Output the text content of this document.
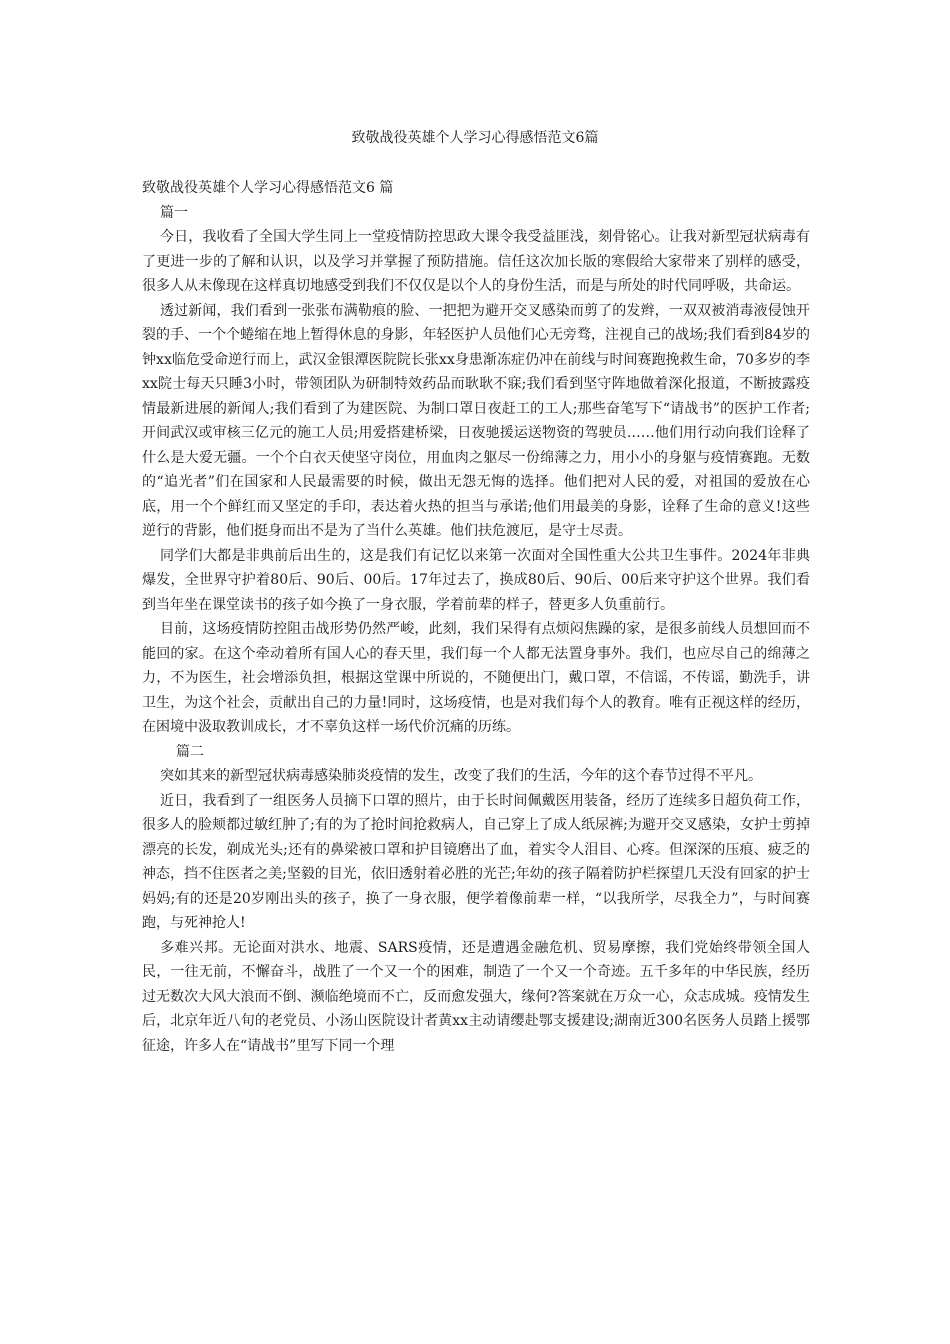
致敬战役英雄个人学习心得感悟范文6篇

致敬战役英雄个人学习心得感悟范文6 篇

篇一

今日，我收看了全国大学生同上一堂疫情防控思政大课令我受益匪浅，刻骨铭心。让我对新型冠状病毒有了更进一步的了解和认识，以及学习并掌握了预防措施。信任这次加长版的寒假给大家带来了别样的感受，很多人从未像现在这样真切地感受到我们不仅仅是以个人的身份生活，而是与所处的时代同呼吸，共命运。

透过新闻，我们看到一张张布满勒痕的脸、一把把为避开交叉感染而剪了的发辫，一双双被消毒液侵蚀开裂的手、一个个蜷缩在地上暂得休息的身影，年轻医护人员他们心无旁骛，注视自己的战场;我们看到84岁的钟xx临危受命逆行而上，武汉金银潭医院院长张xx身患渐冻症仍冲在前线与时间赛跑挽救生命，70多岁的李xx院士每天只睡3小时，带领团队为研制特效药品而耿耿不寐;我们看到坚守阵地做着深化报道，不断披露疫情最新进展的新闻人;我们看到了为建医院、为制口罩日夜赶工的工人;那些奋笔写下“请战书”的医护工作者;开间武汉或审核三亿元的施工人员;用爱搭建桥梁，日夜驰援运送物资的驾驶员……他们用行动向我们诠释了什么是大爱无疆。一个个白衣天使坚守岗位，用血肉之躯尽一份绵薄之力，用小小的身躯与疫情赛跑。无数的“追光者”们在国家和人民最需要的时候，做出无怨无悔的选择。他们把对人民的爱，对祖国的爱放在心底，用一个个鲜红而又坚定的手印，表达着火热的担当与承诺;他们用最美的身影，诠释了生命的意义!这些逆行的背影，他们挺身而出不是为了当什么英雄。他们扶危渡厄，是守士尽责。

同学们大都是非典前后出生的，这是我们有记忆以来第一次面对全国性重大公共卫生事件。2024年非典爆发，全世界守护着80后、90后、00后。17年过去了，换成80后、90后、00后来守护这个世界。我们看到当年坐在课堂读书的孩子如今换了一身衣服，学着前辈的样子，替更多人负重前行。

目前，这场疫情防控阻击战形势仍然严峻，此刻，我们呆得有点烦闷焦躁的家，是很多前线人员想回而不能回的家。在这个牵动着所有国人心的春天里，我们每一个人都无法置身事外。我们，也应尽自己的绵薄之力，不为医生，社会增添负担，根据这堂课中所说的，不随便出门，戴口罩，不信谣，不传谣，勤洗手，讲卫生，为这个社会，贡献出自己的力量!同时，这场疫情，也是对我们每个人的教育。唯有正视这样的经历，在困境中汲取教训成长，才不辜负这样一场代价沉痛的历练。

篇二

突如其来的新型冠状病毒感染肺炎疫情的发生，改变了我们的生活，今年的这个春节过得不平凡。

近日，我看到了一组医务人员摘下口罩的照片，由于长时间佩戴医用装备，经历了连续多日超负荷工作，很多人的脸颊都过敏红肿了;有的为了抢时间抢救病人，自己穿上了成人纸尿裤;为避开交叉感染，女护士剪掉漂亮的长发，剃成光头;还有的鼻梁被口罩和护目镜磨出了血，着实令人泪目、心疼。但深深的压痕、疲乏的神态，挡不住医者之美;坚毅的目光，依旧透射着必胜的光芒;年幼的孩子隔着防护栏探望几天没有回家的护士妈妈;有的还是20岁刚出头的孩子，换了一身衣服，便学着像前辈一样，“以我所学，尽我全力”，与时间赛跑，与死神抢人!

多难兴邦。无论面对洪水、地震、SARS疫情，还是遭遇金融危机、贸易摩擦，我们党始终带领全国人民，一往无前，不懈奋斗，战胜了一个又一个的困难，制造了一个又一个奇迹。五千多年的中华民族，经历过无数次大风大浪而不倒、濒临绝境而不亡，反而愈发强大，缘何?答案就在万众一心，众志成城。疫情发生后，北京年近八旬的老党员、小汤山医院设计者黄xx主动请缨赴鄂支援建设;湖南近300名医务人员踏上援鄂征途，许多人在“请战书”里写下同一个理
